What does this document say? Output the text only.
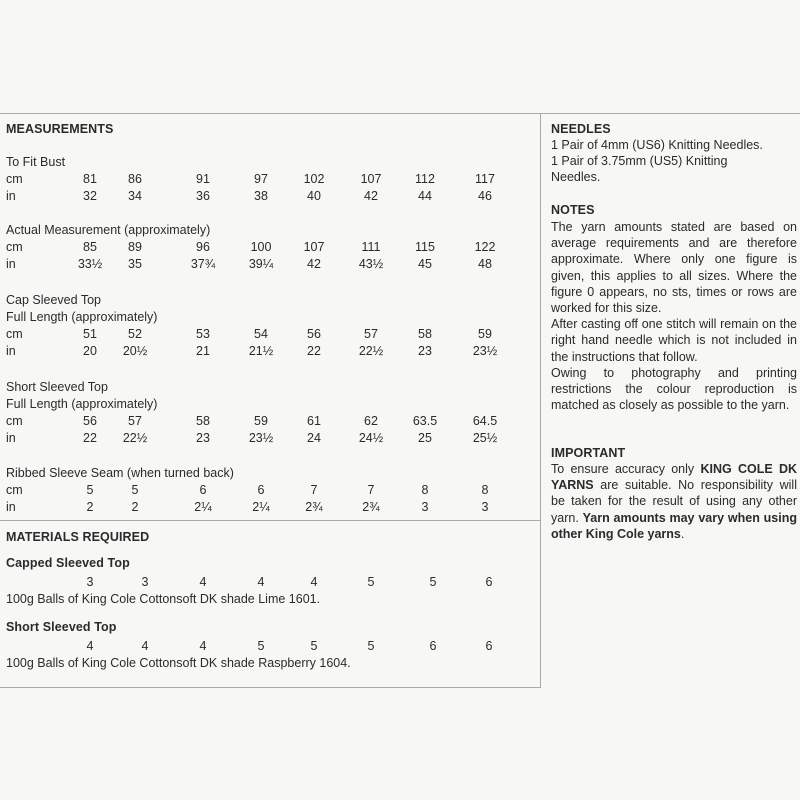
MEASUREMENTS
To Fit Bust
cm	81	86	91	97	102	107	112	117
in	32	34	36	38	40	42	44	46
Actual Measurement (approximately)
cm	85	89	96	100	107	111	115	122
in	33½	35	37¾	39¼	42	43½	45	48
Cap Sleeved Top
Full Length (approximately)
cm	51	52	53	54	56	57	58	59
in	20	20½	21	21½	22	22½	23	23½
Short Sleeved Top
Full Length (approximately)
cm	56	57	58	59	61	62	63.5	64.5
in	22	22½	23	23½	24	24½	25	25½
Ribbed Sleeve Seam (when turned back)
cm	5	5	6	6	7	7	8	8
in	2	2	2¼	2¼	2¾	2¾	3	3
MATERIALS REQUIRED
Capped Sleeved Top
3	3	4	4	4	5	5	6
100g Balls of King Cole Cottonsoft DK shade Lime 1601.
Short Sleeved Top
4	4	4	5	5	5	6	6
100g Balls of King Cole Cottonsoft DK shade Raspberry 1604.
NEEDLES
1 Pair of 4mm (US6) Knitting Needles.
1 Pair of 3.75mm (US5) Knitting
Needles.
NOTES
The yarn amounts stated are based on average requirements and are therefore approximate. Where only one figure is given, this applies to all sizes. Where the figure 0 appears, no sts, times or rows are worked for this size.
After casting off one stitch will remain on the right hand needle which is not included in the instructions that follow.
Owing to photography and printing restrictions the colour reproduction is matched as closely as possible to the yarn.
IMPORTANT
To ensure accuracy only KING COLE DK YARNS are suitable. No responsibility will be taken for the result of using any other yarn. Yarn amounts may vary when using other King Cole yarns.
